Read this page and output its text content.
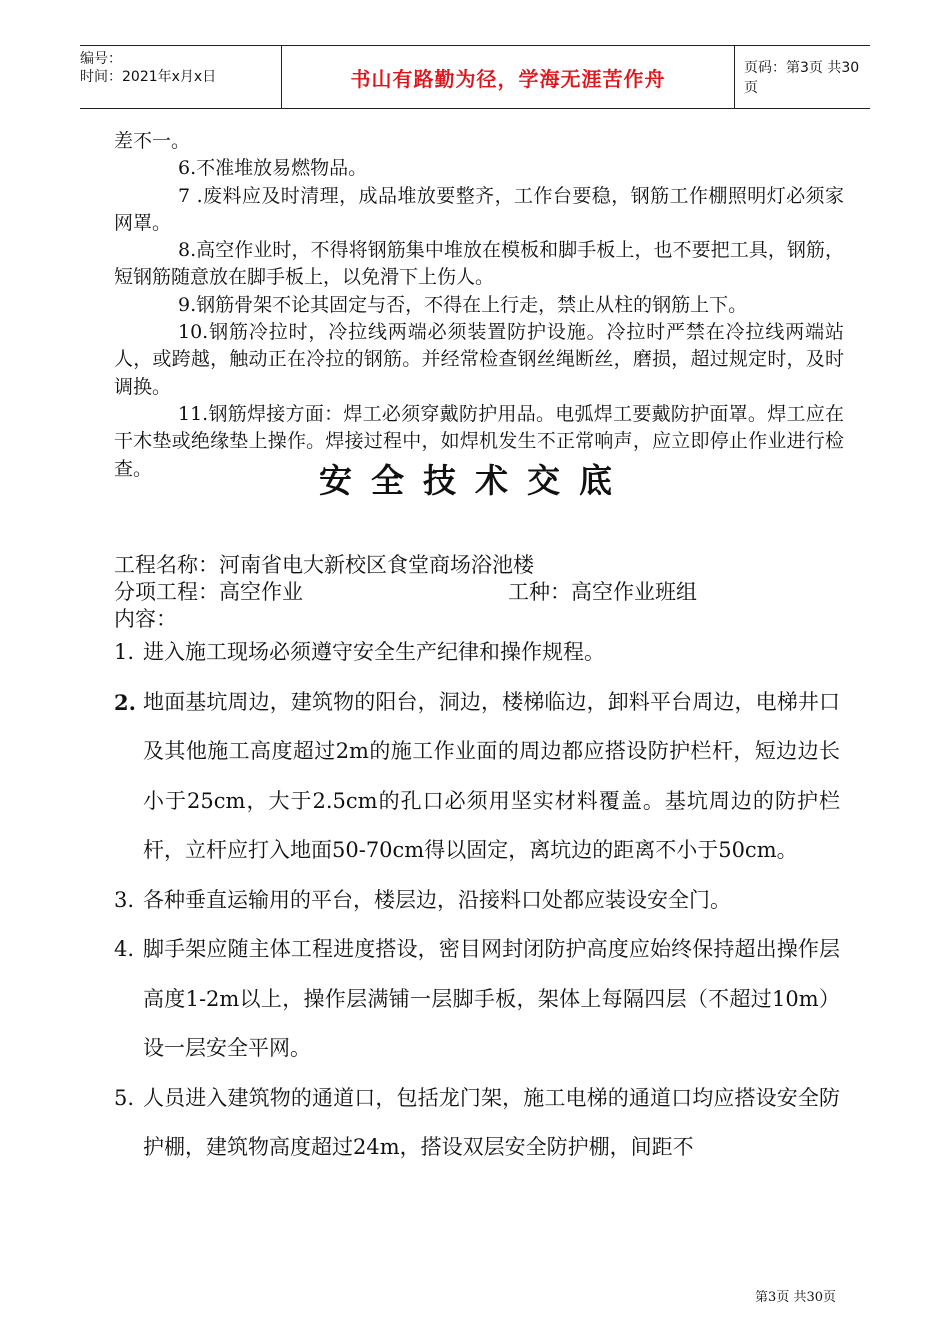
编号：
时间：2021年x月x日	书山有路勤为径，学海无涯苦作舟	页码：第3页 共30页

差不一。

6.不准堆放易燃物品。

7 .废料应及时清理，成品堆放要整齐，工作台要稳，钢筋工作棚照明灯必须家网罩。

8.高空作业时，不得将钢筋集中堆放在模板和脚手板上，也不要把工具，钢筋，短钢筋随意放在脚手板上，以免滑下上伤人。

9.钢筋骨架不论其固定与否，不得在上行走，禁止从柱的钢筋上下。

10.钢筋冷拉时，冷拉线两端必须装置防护设施。冷拉时严禁在冷拉线两端站人，或跨越，触动正在冷拉的钢筋。并经常检查钢丝绳断丝，磨损，超过规定时，及时调换。

11.钢筋焊接方面：焊工必须穿戴防护用品。电弧焊工要戴防护面罩。焊工应在干木垫或绝缘垫上操作。焊接过程中，如焊机发生不正常响声，应立即停止作业进行检查。	安全技术交底
工程名称：河南省电大新校区食堂商场浴池楼
分项工程：高空作业	工种：高空作业班组
内容：

1. 进入施工现场必须遵守安全生产纪律和操作规程。

2. 地面基坑周边，建筑物的阳台，洞边，楼梯临边，卸料平台周边，电梯井口及其他施工高度超过2m的施工作业面的周边都应搭设防护栏杆，短边边长小于25cm，大于2.5cm的孔口必须用坚实材料覆盖。基坑周边的防护栏杆，立杆应打入地面50-70cm得以固定，离坑边的距离不小于50cm。

3. 各种垂直运输用的平台，楼层边，沿接料口处都应装设安全门。

4. 脚手架应随主体工程进度搭设，密目网封闭防护高度应始终保持超出操作层高度1-2m以上，操作层满铺一层脚手板，架体上每隔四层（不超过10m）设一层安全平网。

5. 人员进入建筑物的通道口，包括龙门架，施工电梯的通道口均应搭设安全防护棚，建筑物高度超过24m，搭设双层安全防护棚，间距不

第3页 共30页
